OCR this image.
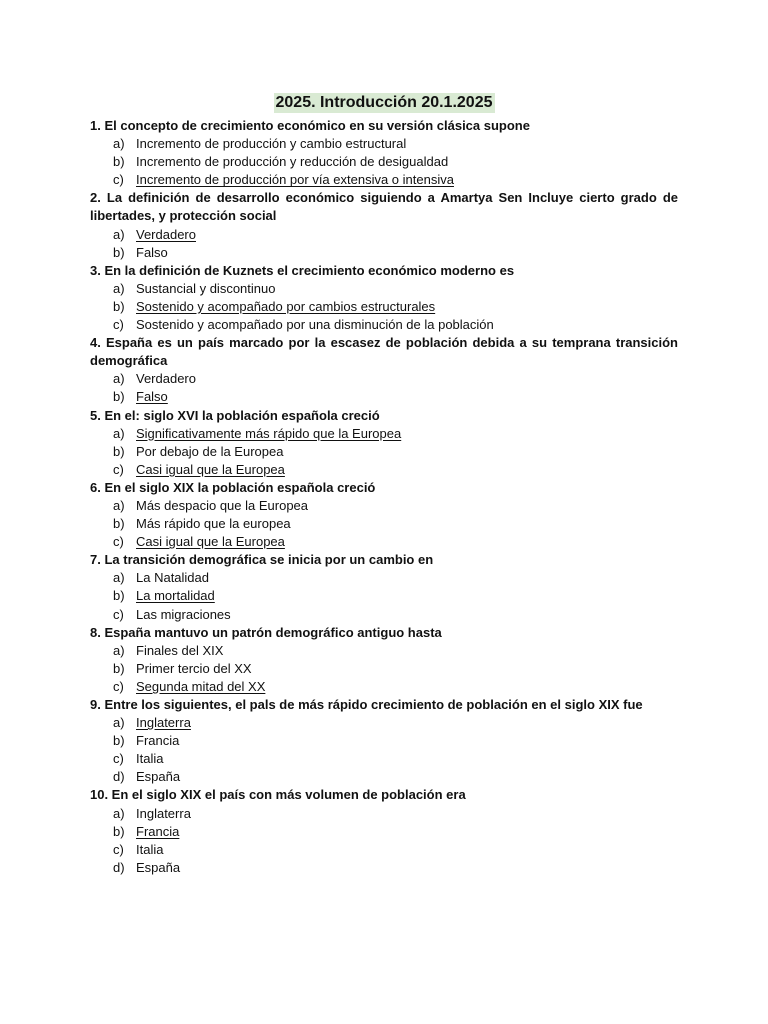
2025. Introducción 20.1.2025

1. El concepto de crecimiento económico en su versión clásica supone

a) Incremento de producción y cambio estructural
b) Incremento de producción y reducción de desigualdad
c) Incremento de producción por vía extensiva o intensiva

2. La definición de desarrollo económico siguiendo a Amartya Sen Incluye cierto grado de libertades, y protección social

a) Verdadero
b) Falso

3. En la definición de Kuznets el crecimiento económico moderno es

a) Sustancial y discontinuo
b) Sostenido y acompañado por cambios estructurales
c) Sostenido y acompañado por una disminución de la población

4. España es un país marcado por la escasez de población debida a su temprana transición demográfica

a) Verdadero
b) Falso

5. En el: siglo XVI la población española creció

a) Significativamente más rápido que la Europea
b) Por debajo de la Europea
c) Casi igual que la Europea

6. En el siglo XIX la población española creció

a) Más despacio que la Europea
b) Más rápido que la europea
c) Casi igual que la Europea

7. La transición demográfica se inicia por un cambio en

a) La Natalidad
b) La mortalidad
c) Las migraciones

8. España mantuvo un patrón demográfico antiguo hasta

a) Finales del XIX
b) Primer tercio del XX
c) Segunda mitad del XX

9. Entre los siguientes, el pals de más rápido crecimiento de población en el siglo XIX fue

a) Inglaterra
b) Francia
c) Italia
d) España

10. En el siglo XIX el país con más volumen de población era

a) Inglaterra
b) Francia
c) Italia
d) España
